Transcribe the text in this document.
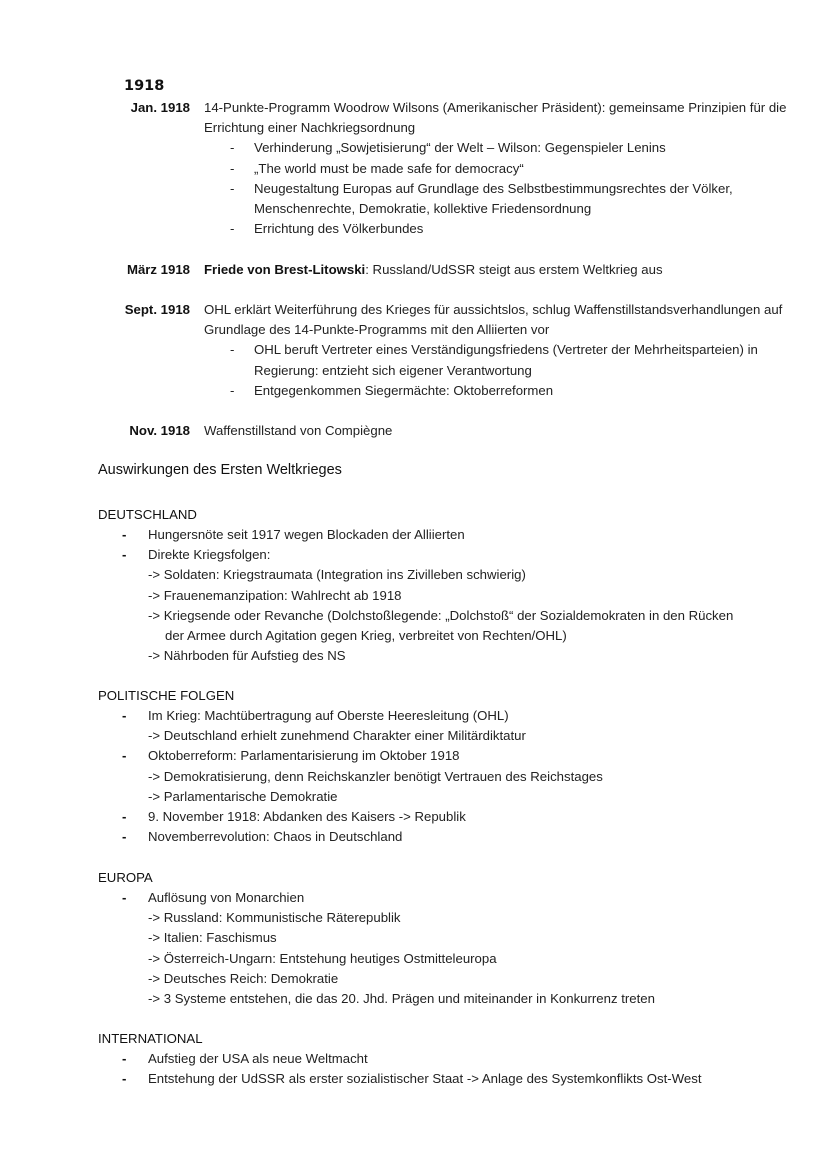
1918
Jan. 1918 14-Punkte-Programm Woodrow Wilsons (Amerikanischer Präsident): gemeinsame Prinzipien für die Errichtung einer Nachkriegsordnung
- Verhinderung „Sowjetisierung“ der Welt – Wilson: Gegenspieler Lenins
- „The world must be made safe for democracy“
- Neugestaltung Europas auf Grundlage des Selbstbestimmungsrechtes der Völker, Menschenrechte, Demokratie, kollektive Friedensordnung
- Errichtung des Völkerbundes
März 1918 Friede von Brest-Litowski: Russland/UdSSR steigt aus erstem Weltkrieg aus
Sept. 1918 OHL erklärt Weiterführung des Krieges für aussichtslos, schlug Waffenstillstandsverhandlungen auf Grundlage des 14-Punkte-Programms mit den Alliierten vor
- OHL beruft Vertreter eines Verständigungsfriedens (Vertreter der Mehrheitsparteien) in Regierung: entzieht sich eigener Verantwortung
- Entgegenkommen Siegermächte: Oktoberreformen
Nov. 1918 Waffenstillstand von Compiègne
Auswirkungen des Ersten Weltkrieges
DEUTSCHLAND
- Hungersnöte seit 1917 wegen Blockaden der Alliierten
- Direkte Kriegsfolgen:
-> Soldaten: Kriegstraumata (Integration ins Zivilleben schwierig)
-> Frauenemanzipation: Wahlrecht ab 1918
-> Kriegsende oder Revanche (Dolchstoßlegende: „Dolchstoß“ der Sozialdemokraten in den Rücken der Armee durch Agitation gegen Krieg, verbreitet von Rechten/OHL)
-> Nährboden für Aufstieg des NS
POLITISCHE FOLGEN
- Im Krieg: Machtübertragung auf Oberste Heeresleitung (OHL)
-> Deutschland erhielt zunehmend Charakter einer Militärdiktatur
- Oktoberreform: Parlamentarisierung im Oktober 1918
-> Demokratisierung, denn Reichskanzler benötigt Vertrauen des Reichstages
-> Parlamentarische Demokratie
- 9. November 1918: Abdanken des Kaisers -> Republik
- Novemberrevolution: Chaos in Deutschland
EUROPA
- Auflösung von Monarchien
-> Russland: Kommunistische Räterepublik
-> Italien: Faschismus
-> Österreich-Ungarn: Entstehung heutiges Ostmitteleuropa
-> Deutsches Reich: Demokratie
-> 3 Systeme entstehen, die das 20. Jhd. Prägen und miteinander in Konkurrenz treten
INTERNATIONAL
- Aufstieg der USA als neue Weltmacht
- Entstehung der UdSSR als erster sozialistischer Staat -> Anlage des Systemkonflikts Ost-West
